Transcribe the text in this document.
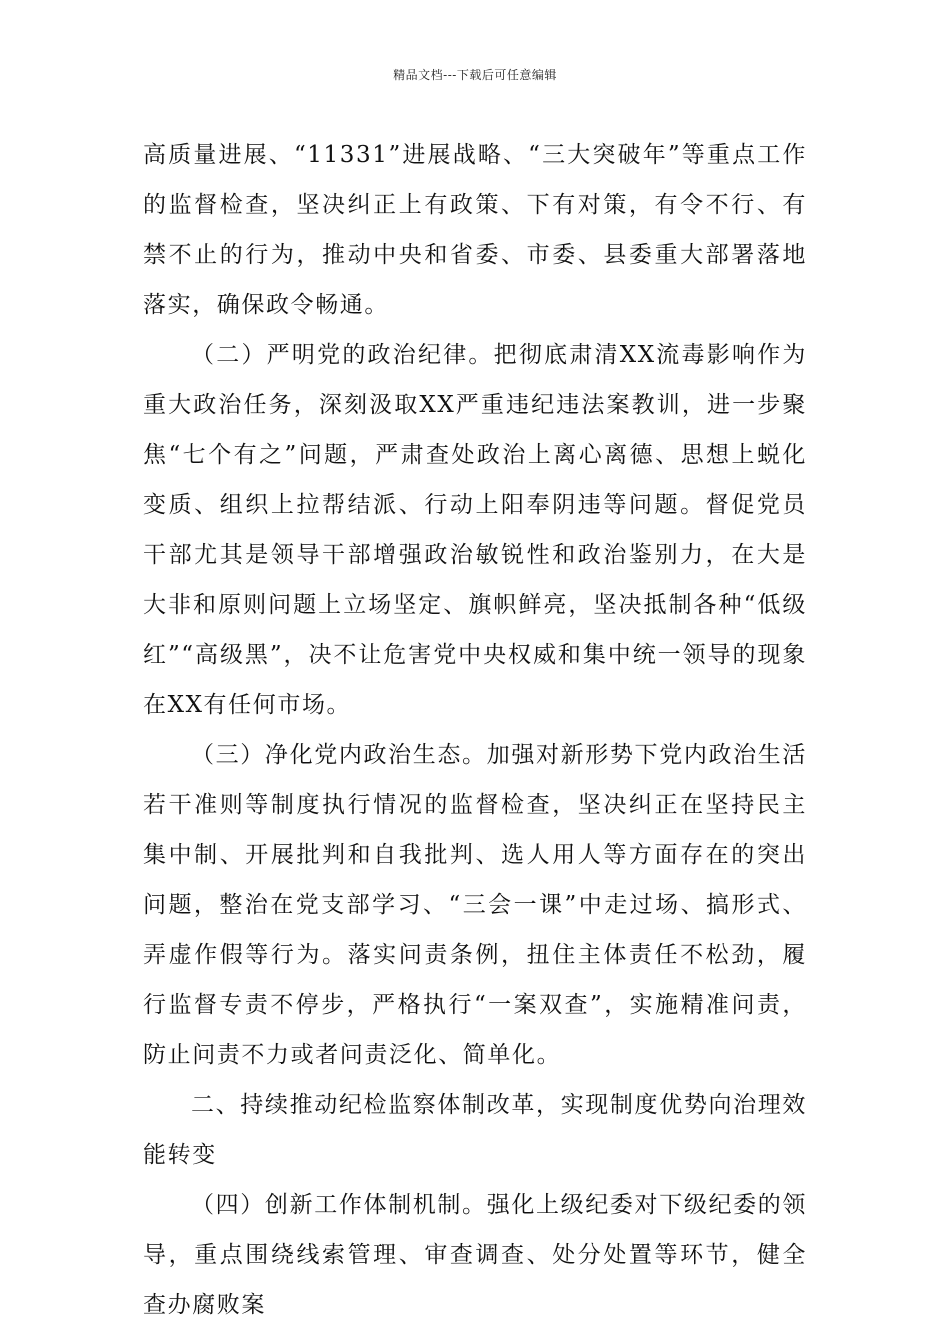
精品文档---下载后可任意编辑

高质量进展、“11331”进展战略、“三大突破年”等重点工作的监督检查，坚决纠正上有政策、下有对策，有令不行、有禁不止的行为，推动中央和省委、市委、县委重大部署落地落实，确保政令畅通。

（二）严明党的政治纪律。把彻底肃清XX流毒影响作为重大政治任务，深刻汲取XX严重违纪违法案教训，进一步聚焦“七个有之”问题，严肃查处政治上离心离德、思想上蜕化变质、组织上拉帮结派、行动上阳奉阴违等问题。督促党员干部尤其是领导干部增强政治敏锐性和政治鉴别力，在大是大非和原则问题上立场坚定、旗帜鲜亮，坚决抵制各种“低级红”“高级黑”，决不让危害党中央权威和集中统一领导的现象在XX有任何市场。

（三）净化党内政治生态。加强对新形势下党内政治生活若干准则等制度执行情况的监督检查，坚决纠正在坚持民主集中制、开展批判和自我批判、选人用人等方面存在的突出问题，整治在党支部学习、“三会一课”中走过场、搞形式、弄虚作假等行为。落实问责条例，扭住主体责任不松劲，履行监督专责不停步，严格执行“一案双查”，实施精准问责，防止问责不力或者问责泛化、简单化。

二、持续推动纪检监察体制改革，实现制度优势向治理效能转变

（四）创新工作体制机制。强化上级纪委对下级纪委的领导，重点围绕线索管理、审查调查、处分处置等环节，健全查办腐败案
